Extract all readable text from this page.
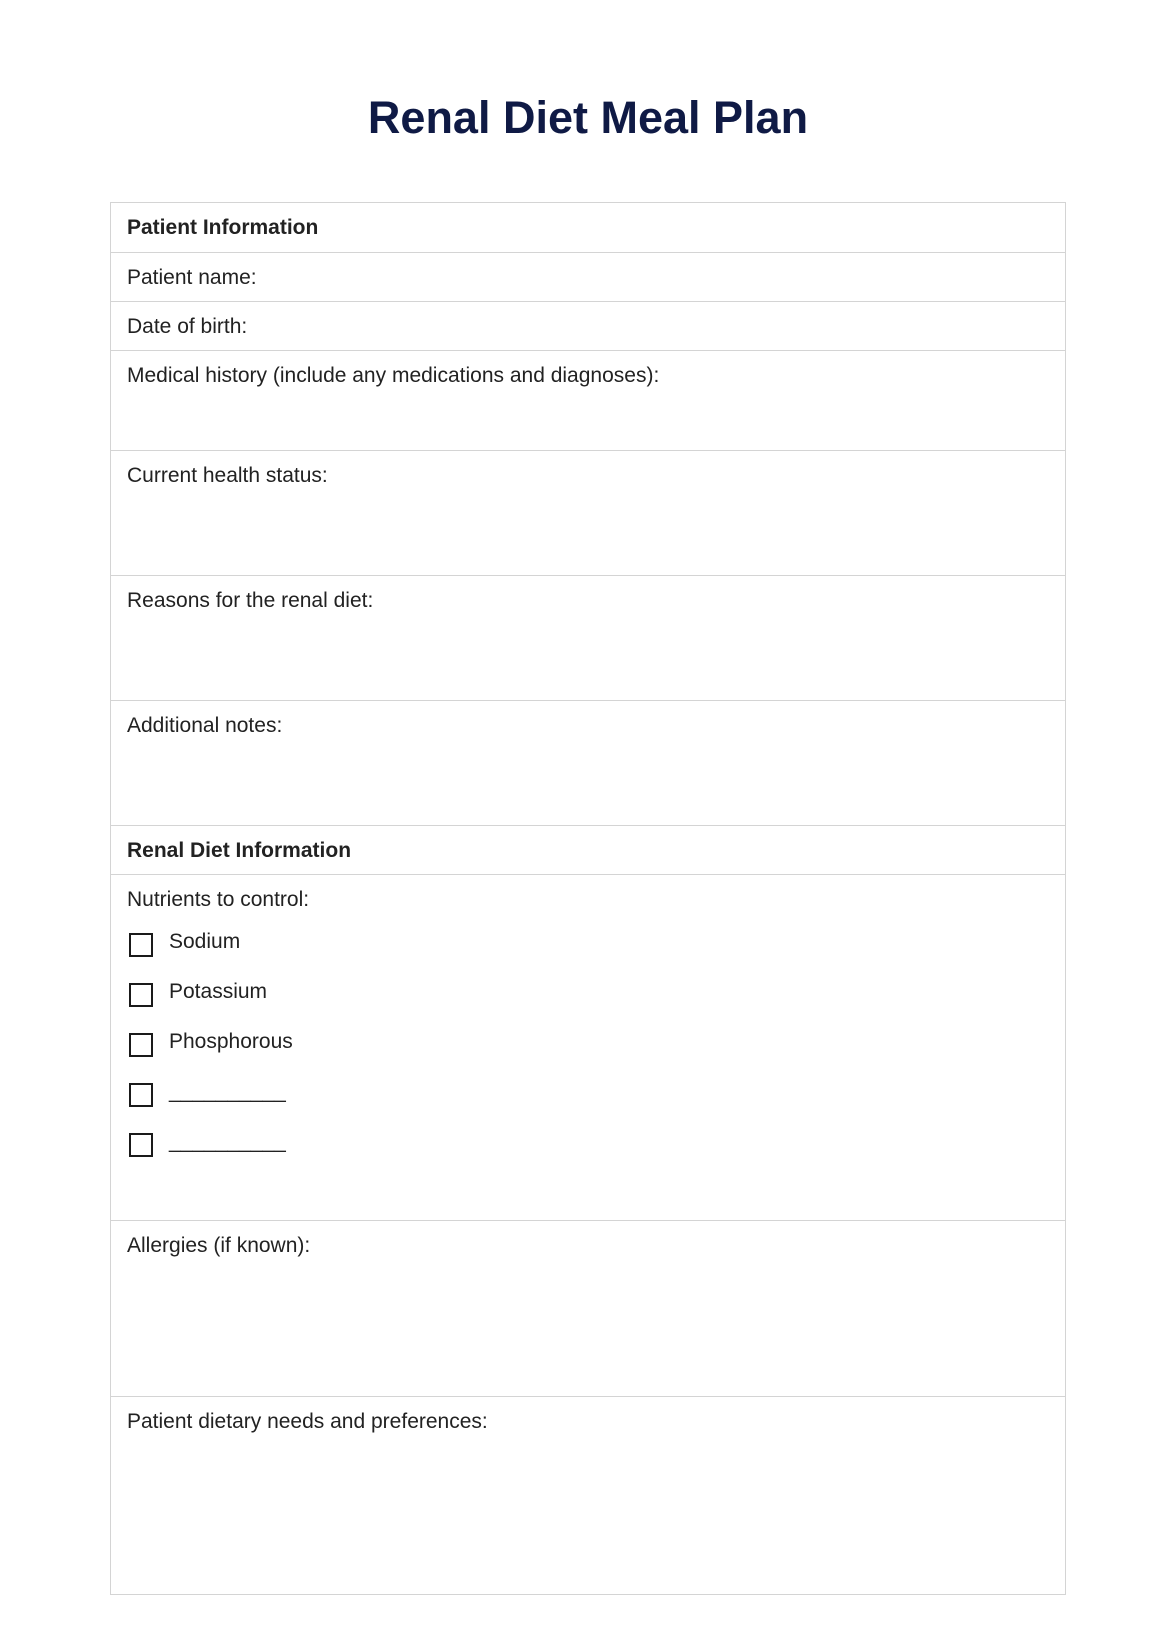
Renal Diet Meal Plan
Patient Information
Patient name:
Date of birth:
Medical history (include any medications and diagnoses):
Current health status:
Reasons for the renal diet:
Additional notes:
Renal Diet Information
Nutrients to control:
Sodium
Potassium
Phosphorous
__________
__________
Allergies (if known):
Patient dietary needs and preferences:
